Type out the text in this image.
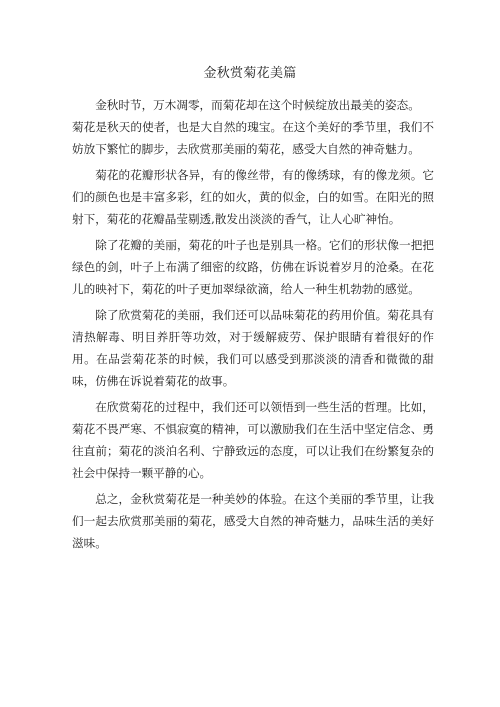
金秋赏菊花美篇

金秋时节，万木凋零，而菊花却在这个时候绽放出最美的姿态。

菊花是秋天的使者，也是大自然的瑰宝。在这个美好的季节里，我们不妨放下繁忙的脚步，去欣赏那美丽的菊花，感受大自然的神奇魅力。

菊花的花瓣形状各异，有的像丝带，有的像绣球，有的像龙须。它们的颜色也是丰富多彩，红的如火，黄的似金，白的如雪。在阳光的照射下，菊花的花瓣晶莹剔透,散发出淡淡的香气，让人心旷神怡。

除了花瓣的美丽，菊花的叶子也是别具一格。它们的形状像一把把绿色的剑，叶子上布满了细密的纹路，仿佛在诉说着岁月的沧桑。在花儿的映衬下，菊花的叶子更加翠绿欲滴，给人一种生机勃勃的感觉。

除了欣赏菊花的美丽，我们还可以品味菊花的药用价值。菊花具有清热解毒、明目养肝等功效，对于缓解疲劳、保护眼睛有着很好的作用。在品尝菊花茶的时候，我们可以感受到那淡淡的清香和微微的甜味，仿佛在诉说着菊花的故事。

在欣赏菊花的过程中，我们还可以领悟到一些生活的哲理。比如，菊花不畏严寒、不惧寂寞的精神，可以激励我们在生活中坚定信念、勇往直前；菊花的淡泊名利、宁静致远的态度，可以让我们在纷繁复杂的社会中保持一颗平静的心。

总之，金秋赏菊花是一种美妙的体验。在这个美丽的季节里，让我们一起去欣赏那美丽的菊花，感受大自然的神奇魅力，品味生活的美好滋味。
